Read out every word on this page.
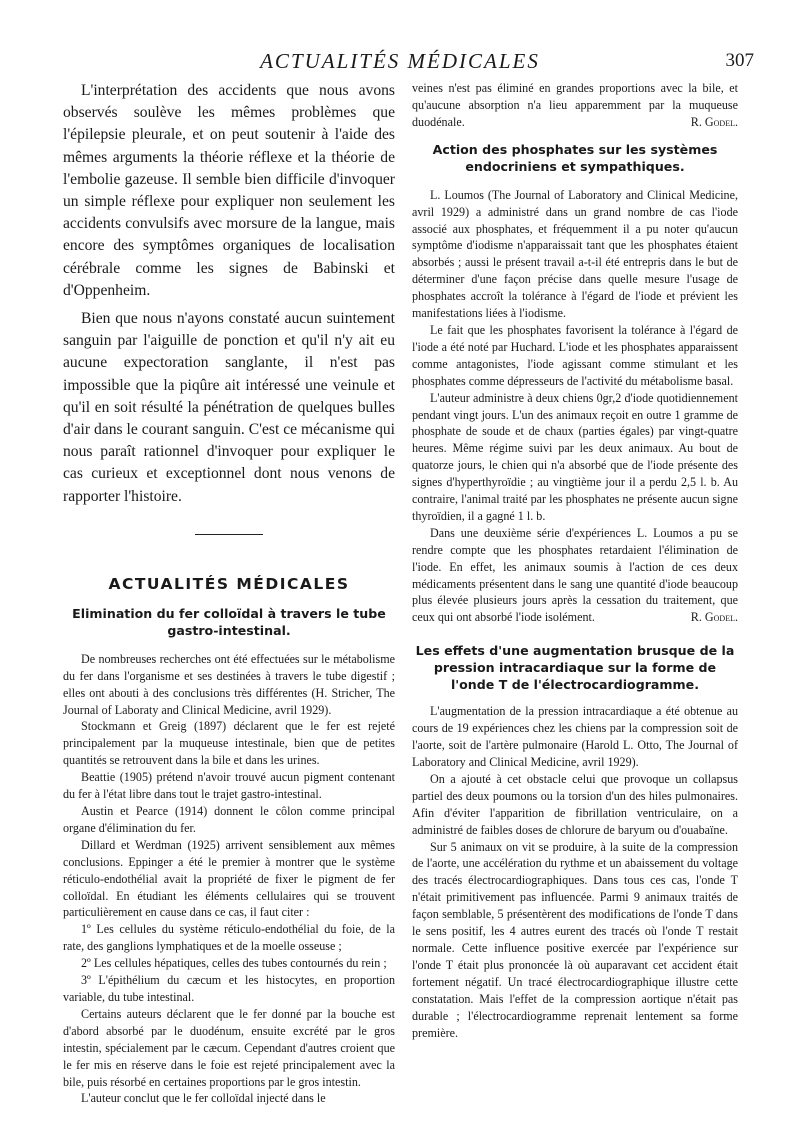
ACTUALITÉS MÉDICALES	307

L'interprétation des accidents que nous avons observés soulève les mêmes problèmes que l'épilepsie pleurale, et on peut soutenir à l'aide des mêmes arguments la théorie réflexe et la théorie de l'embolie gazeuse. Il semble bien difficile d'invoquer un simple réflexe pour expliquer non seulement les accidents convulsifs avec morsure de la langue, mais encore des symptômes organiques de localisation cérébrale comme les signes de Babinski et d'Oppenheim.

Bien que nous n'ayons constaté aucun suintement sanguin par l'aiguille de ponction et qu'il n'y ait eu aucune expectoration sanglante, il n'est pas impossible que la piqûre ait intéressé une veinule et qu'il en soit résulté la pénétration de quelques bulles d'air dans le courant sanguin. C'est ce mécanisme qui nous paraît rationnel d'invoquer pour expliquer le cas curieux et exceptionnel dont nous venons de rapporter l'histoire.

ACTUALITÉS MÉDICALES
Elimination du fer colloïdal à travers le tube gastro-intestinal.

De nombreuses recherches ont été effectuées sur le métabolisme du fer dans l'organisme et ses destinées à travers le tube digestif ; elles ont abouti à des conclusions très différentes (H. Stricher, The Journal of Laboraty and Clinical Medicine, avril 1929).

Stockmann et Greig (1897) déclarent que le fer est rejeté principalement par la muqueuse intestinale, bien que de petites quantités se retrouvent dans la bile et dans les urines.

Beattie (1905) prétend n'avoir trouvé aucun pigment contenant du fer à l'état libre dans tout le trajet gastro-intestinal.

Austin et Pearce (1914) donnent le côlon comme principal organe d'élimination du fer.

Dillard et Werdman (1925) arrivent sensiblement aux mêmes conclusions. Eppinger a été le premier à montrer que le système réticulo-endothélial avait la propriété de fixer le pigment de fer colloïdal. En étudiant les éléments cellulaires qui se trouvent particulièrement en cause dans ce cas, il faut citer :

1º Les cellules du système réticulo-endothélial du foie, de la rate, des ganglions lymphatiques et de la moelle osseuse ;

2º Les cellules hépatiques, celles des tubes contournés du rein ;

3º L'épithélium du cæcum et les histocytes, en proportion variable, du tube intestinal.

Certains auteurs déclarent que le fer donné par la bouche est d'abord absorbé par le duodénum, ensuite excrété par le gros intestin, spécialement par le cæcum. Cependant d'autres croient que le fer mis en réserve dans le foie est rejeté principalement avec la bile, puis résorbé en certaines proportions par le gros intestin.

L'auteur conclut que le fer colloïdal injecté dans le

veines n'est pas éliminé en grandes proportions avec la bile, et qu'aucune absorption n'a lieu apparemment par la muqueuse duodénale.	R. Godel.

Action des phosphates sur les systèmes endocriniens et sympathiques.

L. Loumos (The Journal of Laboratory and Clinical Medicine, avril 1929) a administré dans un grand nombre de cas l'iode associé aux phosphates, et fréquemment il a pu noter qu'aucun symptôme d'iodisme n'apparaissait tant que les phosphates étaient absorbés ; aussi le présent travail a-t-il été entrepris dans le but de déterminer d'une façon précise dans quelle mesure l'usage de phosphates accroît la tolérance à l'égard de l'iode et prévient les manifestations liées à l'iodisme.

Le fait que les phosphates favorisent la tolérance à l'égard de l'iode a été noté par Huchard. L'iode et les phosphates apparaissent comme antagonistes, l'iode agissant comme stimulant et les phosphates comme dépresseurs de l'activité du métabolisme basal.

L'auteur administre à deux chiens 0gr,2 d'iode quotidiennement pendant vingt jours. L'un des animaux reçoit en outre 1 gramme de phosphate de soude et de chaux (parties égales) par vingt-quatre heures. Même régime suivi par les deux animaux. Au bout de quatorze jours, le chien qui n'a absorbé que de l'iode présente des signes d'hyperthyroïdie ; au vingtième jour il a perdu 2,5 l. b. Au contraire, l'animal traité par les phosphates ne présente aucun signe thyroïdien, il a gagné 1 l. b.

Dans une deuxième série d'expériences L. Loumos a pu se rendre compte que les phosphates retardaient l'élimination de l'iode. En effet, les animaux soumis à l'action de ces deux médicaments présentent dans le sang une quantité d'iode beaucoup plus élevée plusieurs jours après la cessation du traitement, que ceux qui ont absorbé l'iode isolément.	R. Godel.

Les effets d'une augmentation brusque de la pression intracardiaque sur la forme de l'onde T de l'électrocardiogramme.

L'augmentation de la pression intracardiaque a été obtenue au cours de 19 expériences chez les chiens par la compression soit de l'aorte, soit de l'artère pulmonaire (Harold L. Otto, The Journal of Laboratory and Clinical Medicine, avril 1929).

On a ajouté à cet obstacle celui que provoque un collapsus partiel des deux poumons ou la torsion d'un des hiles pulmonaires. Afin d'éviter l'apparition de fibrillation ventriculaire, on a administré de faibles doses de chlorure de baryum ou d'ouabaïne.

Sur 5 animaux on vit se produire, à la suite de la compression de l'aorte, une accélération du rythme et un abaissement du voltage des tracés électrocardiographiques. Dans tous ces cas, l'onde T n'était primitivement pas influencée. Parmi 9 animaux traités de façon semblable, 5 présentèrent des modifications de l'onde T dans le sens positif, les 4 autres eurent des tracés où l'onde T restait normale. Cette influence positive exercée par l'expérience sur l'onde T était plus prononcée là où auparavant cet accident était fortement négatif. Un tracé électrocardiographique illustre cette constatation. Mais l'effet de la compression aortique n'était pas durable ; l'électrocardiogramme reprenait lentement sa forme première.
